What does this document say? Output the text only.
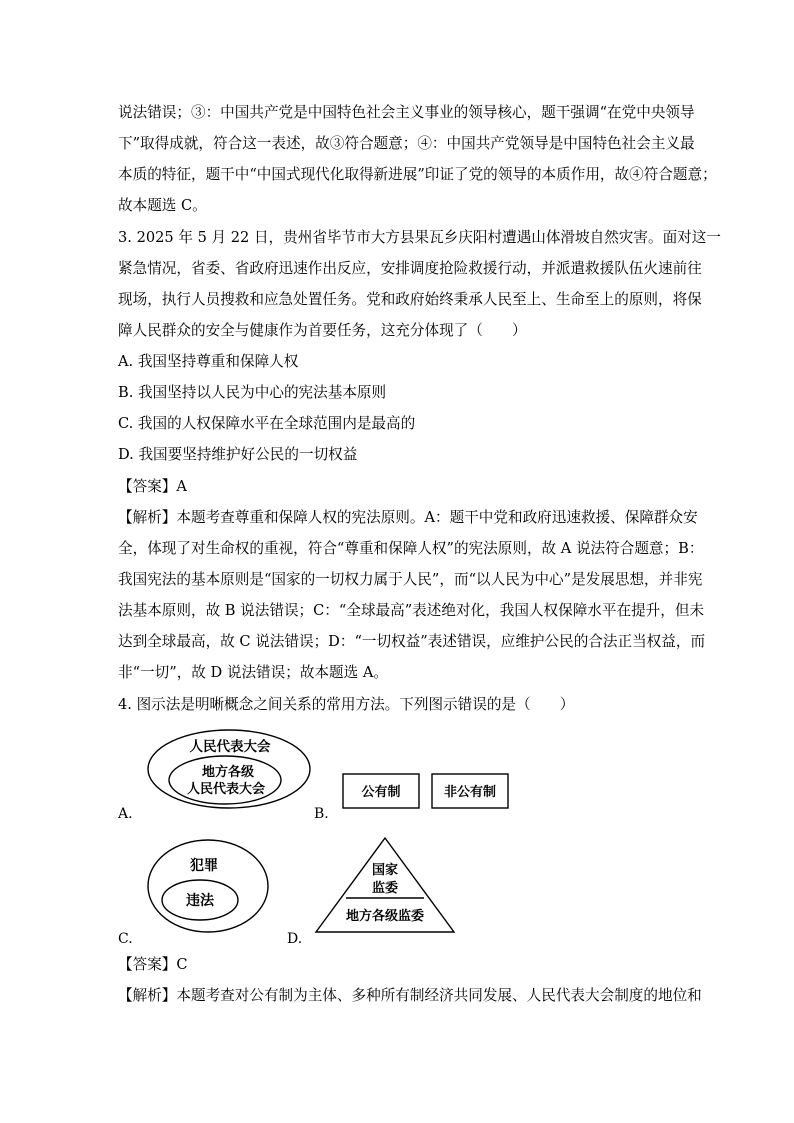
说法错误；③：中国共产党是中国特色社会主义事业的领导核心，题干强调“在党中央领导
下”取得成就，符合这一表述，故③符合题意；④：中国共产党领导是中国特色社会主义最
本质的特征，题干中“中国式现代化取得新进展”印证了党的领导的本质作用，故④符合题意；
故本题选 C。
3. 2025 年 5 月 22 日，贵州省毕节市大方县果瓦乡庆阳村遭遇山体滑坡自然灾害。面对这一
紧急情况，省委、省政府迅速作出反应，安排调度抢险救援行动，并派遣救援队伍火速前往
现场，执行人员搜救和应急处置任务。党和政府始终秉承人民至上、生命至上的原则，将保
障人民群众的安全与健康作为首要任务，这充分体现了（　　）
A. 我国坚持尊重和保障人权
B. 我国坚持以人民为中心的宪法基本原则
C. 我国的人权保障水平在全球范围内是最高的
D. 我国要坚持维护好公民的一切权益
【答案】A
【解析】本题考查尊重和保障人权的宪法原则。A：题干中党和政府迅速救援、保障群众安
全，体现了对生命权的重视，符合“尊重和保障人权”的宪法原则，故 A 说法符合题意；B：
我国宪法的基本原则是“国家的一切权力属于人民”，而“以人民为中心”是发展思想，并非宪
法基本原则，故 B 说法错误；C：“全球最高”表述绝对化，我国人权保障水平在提升，但未
达到全球最高，故 C 说法错误；D：“一切权益”表述错误，应维护公民的合法正当权益，而
非“一切”，故 D 说法错误；故本题选 A。
4. 图示法是明晰概念之间关系的常用方法。下列图示错误的是（　　）
人民代表大会
地方各级
人民代表大会
A.
公有制	非公有制
B.
犯罪
违法
C.
国家
监委
地方各级监委
D.
【答案】C
【解析】本题考查对公有制为主体、多种所有制经济共同发展、人民代表大会制度的地位和
